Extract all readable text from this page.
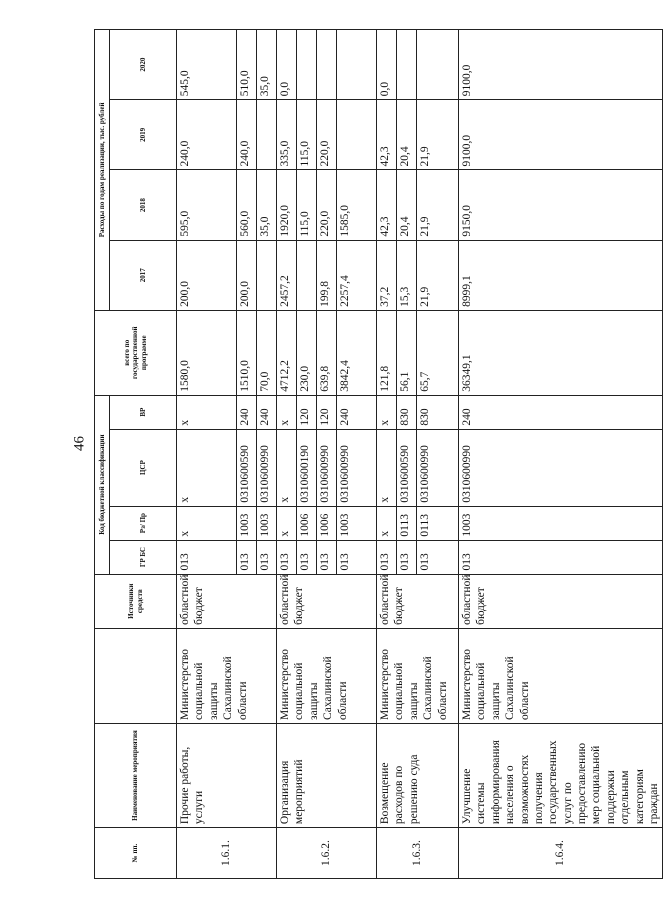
46
№ пп.	Наименование мероприятия		Источники средств	Код бюджетной классификации				всего по государственной программе	Расходы по годам реализации, тыс. рублей			
				ГР БС	Рз/ Пр	ЦСР	ВР		2017	2018	2019	2020
1.6.1.	Прочие работы, услуги	Министерство социальной защиты Сахалинской области	областной бюджет	013	x	x	x	1580,0	200,0	595,0	240,0	545,0
				013	1003	0310600590	240	1510,0	200,0	560,0	240,0	510,0
				013	1003	0310600990	240	70,0		35,0		35,0
1.6.2.	Организация мероприятий	Министерство социальной защиты Сахалинской области	областной бюджет	013	x	x	x	4712,2	2457,2	1920,0	335,0	0,0
				013	1006	0310600190	120	230,0		115,0	115,0	
				013	1006	0310600990	120	639,8	199,8	220,0	220,0	
				013	1003	0310600990	240	3842,4	2257,4	1585,0		
1.6.3.	Возмещение расходов по решению суда	Министерство социальной защиты Сахалинской области	областной бюджет	013	x	x	x	121,8	37,2	42,3	42,3	0,0
				013	0113	0310600590	830	56,1	15,3	20,4	20,4	
				013	0113	0310600990	830	65,7	21,9	21,9	21,9	
1.6.4.	Улучшение системы информирования населения о возможностях получения государственных услуг по предоставлению мер социальной поддержки отдельным категориям граждан	Министерство социальной защиты Сахалинской области	областной бюджет	013	1003	0310600990	240	36349,1	8999,1	9150,0	9100,0	9100,0
